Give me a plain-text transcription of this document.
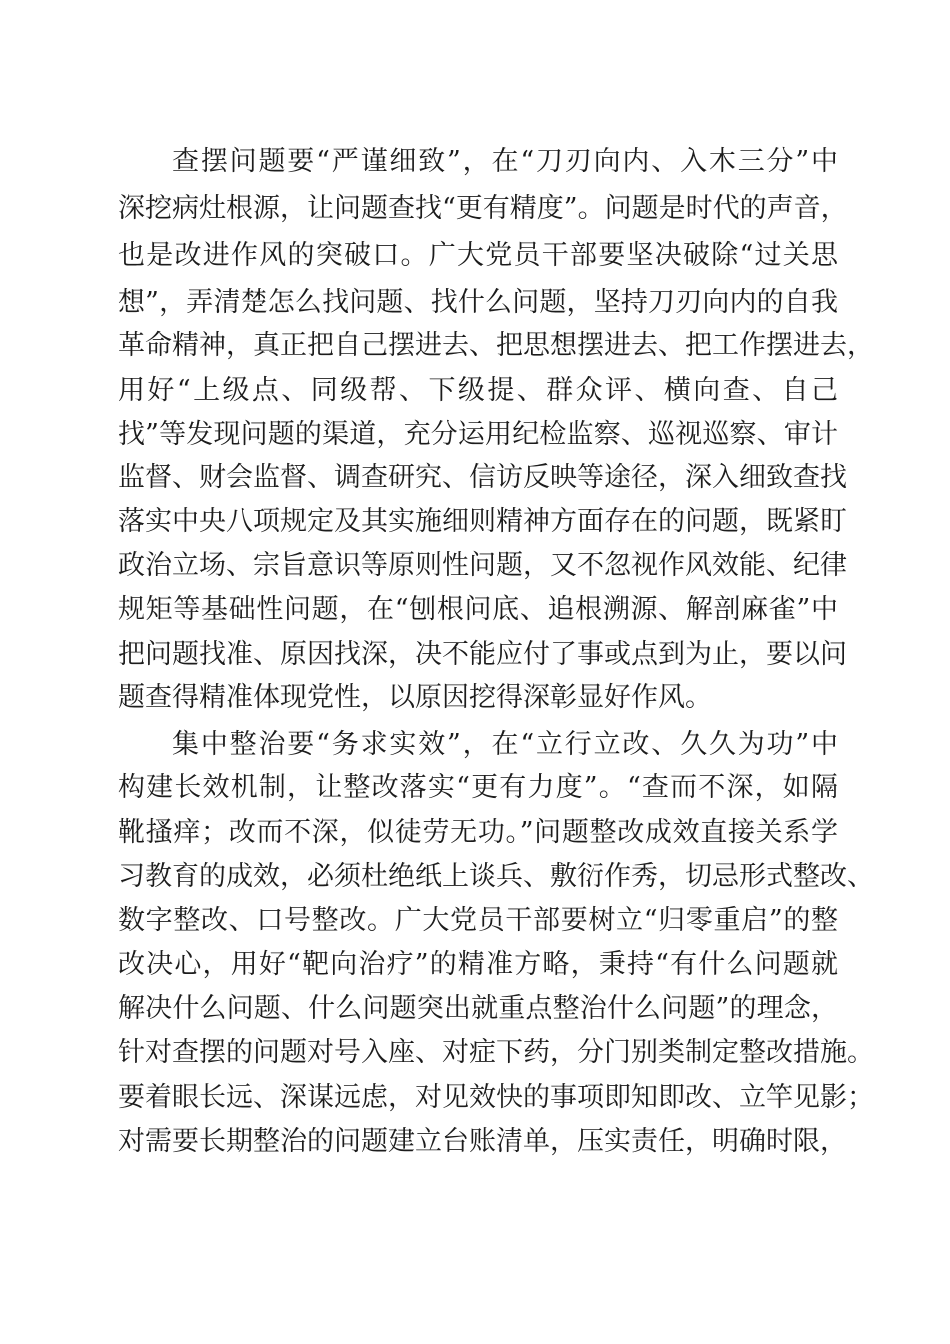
查摆问题要“严谨细致”，在“刀刃向内、入木三分”中
深挖病灶根源，让问题查找“更有精度”。问题是时代的声音，
也是改进作风的突破口。广大党员干部要坚决破除“过关思
想”，弄清楚怎么找问题、找什么问题，坚持刀刃向内的自我
革命精神，真正把自己摆进去、把思想摆进去、把工作摆进去，
用好“上级点、同级帮、下级提、群众评、横向查、自己
找”等发现问题的渠道，充分运用纪检监察、巡视巡察、审计
监督、财会监督、调查研究、信访反映等途径，深入细致查找
落实中央八项规定及其实施细则精神方面存在的问题，既紧盯
政治立场、宗旨意识等原则性问题，又不忽视作风效能、纪律
规矩等基础性问题，在“刨根问底、追根溯源、解剖麻雀”中
把问题找准、原因找深，决不能应付了事或点到为止，要以问
题查得精准体现党性，以原因挖得深彰显好作风。
集中整治要“务求实效”，在“立行立改、久久为功”中
构建长效机制，让整改落实“更有力度”。“查而不深，如隔
靴搔痒；改而不深，似徒劳无功。”问题整改成效直接关系学
习教育的成效，必须杜绝纸上谈兵、敷衍作秀，切忌形式整改、
数字整改、口号整改。广大党员干部要树立“归零重启”的整
改决心，用好“靶向治疗”的精准方略，秉持“有什么问题就
解决什么问题、什么问题突出就重点整治什么问题”的理念，
针对查摆的问题对号入座、对症下药，分门别类制定整改措施。
要着眼长远、深谋远虑，对见效快的事项即知即改、立竿见影；
对需要长期整治的问题建立台账清单，压实责任，明确时限，
